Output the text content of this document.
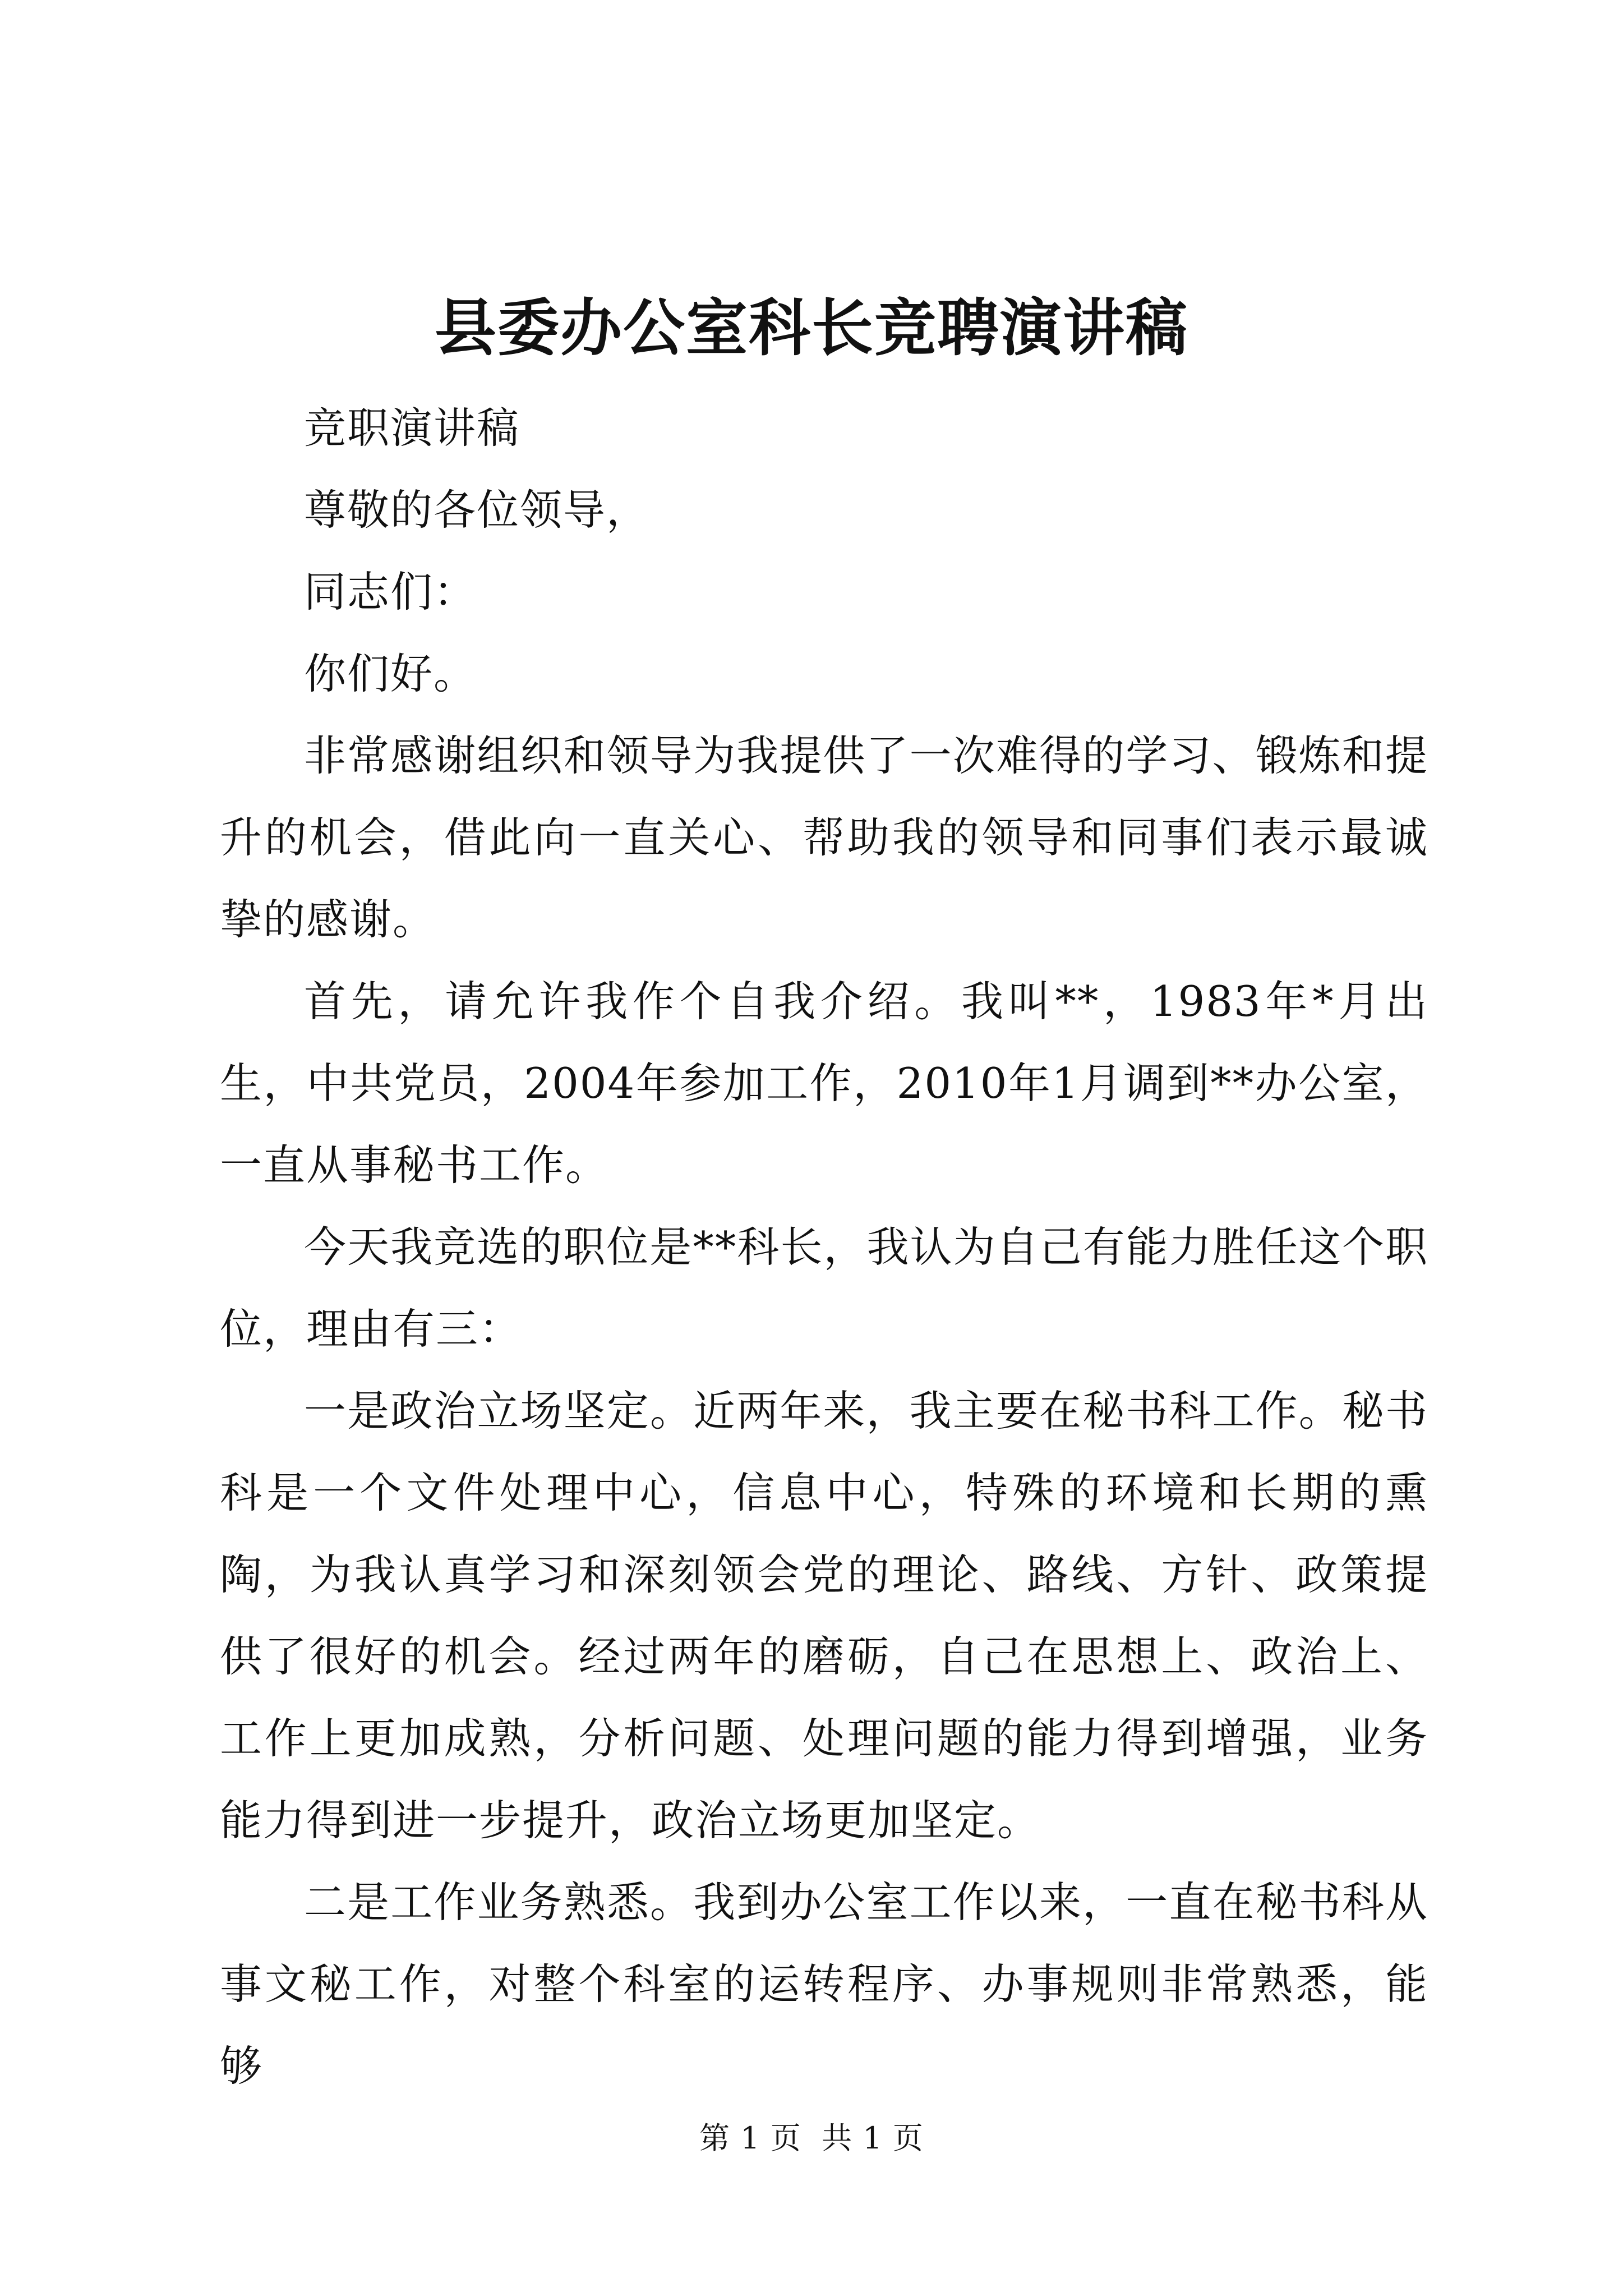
县委办公室科长竞聘演讲稿

竞职演讲稿

尊敬的各位领导，

同志们：

你们好。

非常感谢组织和领导为我提供了一次难得的学习、锻炼和提升的机会，借此向一直关心、帮助我的领导和同事们表示最诚挚的感谢。

首先，请允许我作个自我介绍。我叫**，1983年*月出生，中共党员，2004年参加工作，2010年1月调到**办公室，一直从事秘书工作。

今天我竞选的职位是**科长，我认为自己有能力胜任这个职位，理由有三：

一是政治立场坚定。近两年来，我主要在秘书科工作。秘书科是一个文件处理中心，信息中心，特殊的环境和长期的熏陶，为我认真学习和深刻领会党的理论、路线、方针、政策提供了很好的机会。经过两年的磨砺，自己在思想上、政治上、工作上更加成熟，分析问题、处理问题的能力得到增强，业务能力得到进一步提升，政治立场更加坚定。

二是工作业务熟悉。我到办公室工作以来，一直在秘书科从事文秘工作，对整个科室的运转程序、办事规则非常熟悉，能够

第 1 页 共 1 页
